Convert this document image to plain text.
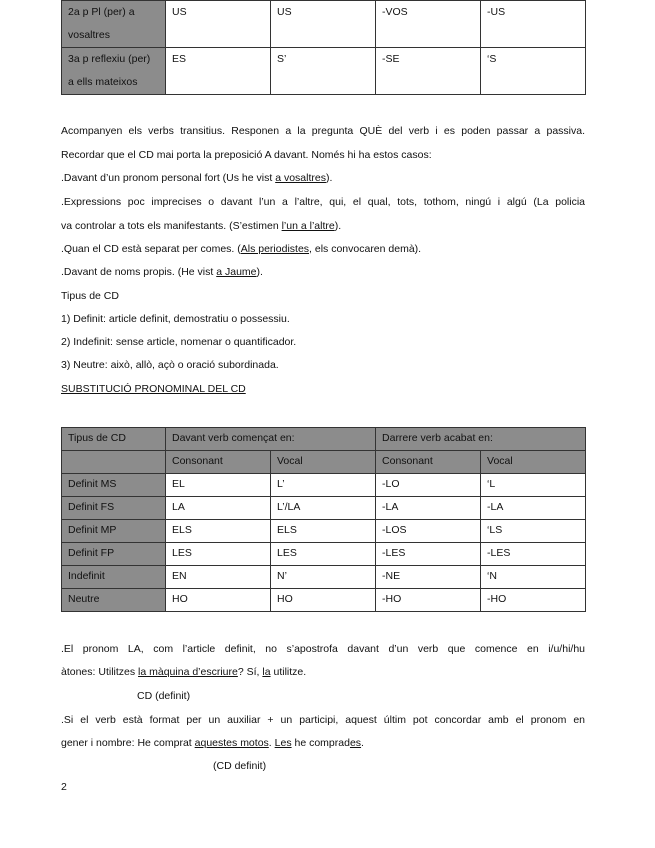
2a p Pl (per) a vosaltres	US	US	-VOS	-US
3a p reflexiu (per) a ells mateixos	ES	S’	-SE	‘S
Acompanyen els verbs transitius. Responen a la pregunta QUÈ del verb i es poden passar a passiva.
Recordar que el CD mai porta la preposició A davant. Només hi ha estos casos:
.Davant d’un pronom personal fort (Us he vist a vosaltres).
.Expressions poc imprecises o davant l’un a l’altre, qui, el qual, tots, tothom, ningú i algú (La policia
va controlar a tots els manifestants. (S’estimen l’un a l’altre).
.Quan el CD està separat per comes. (Als periodistes, els convocaren demà).
.Davant de noms propis. (He vist a Jaume).
Tipus de CD
1) Definit: article definit, demostratiu o possessiu.
2) Indefinit: sense article, nomenar o quantificador.
3) Neutre: això, allò, açò o oració subordinada.
SUBSTITUCIÓ PRONOMINAL DEL CD
Tipus de CD	Davant verb començat en:		Darrere verb acabat en:	
	Consonant	Vocal	Consonant	Vocal
Definit MS	EL	L’	-LO	‘L
Definit FS	LA	L’/LA	-LA	-LA
Definit MP	ELS	ELS	-LOS	‘LS
Definit FP	LES	LES	-LES	-LES
Indefinit	EN	N’	-NE	‘N
Neutre	HO	HO	-HO	-HO
.El pronom LA, com l’article definit, no s’apostrofa davant d’un verb que comence en i/u/hi/hu
àtones: Utilitzes la màquina d’escriure? Sí, la utilitze.
CD (definit)
.Si el verb està format per un auxiliar + un participi, aquest últim pot concordar amb el pronom en
gener i nombre: He comprat aquestes motos. Les he comprades.
(CD definit)
2
